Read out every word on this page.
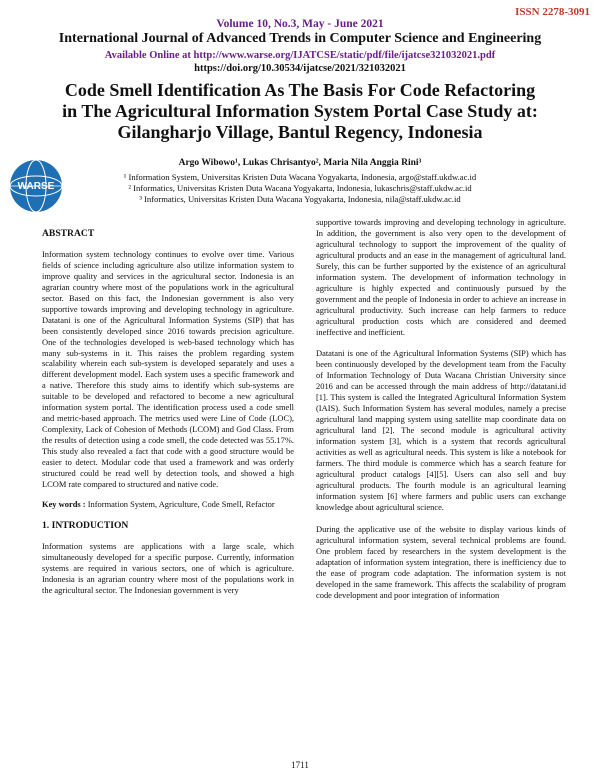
ISSN 2278-3091
Volume 10, No.3, May - June 2021
International Journal of Advanced Trends in Computer Science and Engineering
Available Online at http://www.warse.org/IJATCSE/static/pdf/file/ijatcse321032021.pdf
https://doi.org/10.30534/ijatcse/2021/321032021
Code Smell Identification As The Basis For Code Refactoring
in The Agricultural Information System Portal Case Study at:
Gilangharjo Village, Bantul Regency, Indonesia
WARSE
Argo Wibowo¹, Lukas Chrisantyo², Maria Nila Anggia Rini³
¹ Information System, Universitas Kristen Duta Wacana Yogyakarta, Indonesia, argo@staff.ukdw.ac.id
² Informatics, Universitas Kristen Duta Wacana Yogyakarta, Indonesia, lukaschris@staff.ukdw.ac.id
³ Informatics, Universitas Kristen Duta Wacana Yogyakarta, Indonesia, nila@staff.ukdw.ac.id
ABSTRACT

Information system technology continues to evolve over time. Various fields of science including agriculture also utilize information system to improve quality and services in the agricultural sector. Indonesia is an agrarian country where most of the populations work in the agricultural sector. Based on this fact, the Indonesian government is also very supportive towards improving and developing technology in agriculture. Datatani is one of the Agricultural Information Systems (SIP) that has been consistently developed since 2016 towards precision agriculture. One of the technologies developed is web-based technology which has many sub-systems in it. This raises the problem regarding system scalability wherein each sub-system is developed separately and uses a different development model. Each system uses a specific framework and a native. Therefore this study aims to identify which sub-systems are suitable to be developed and refactored to become a new agricultural information system portal. The identification process used a code smell and metric-based approach. The metrics used were Line of Code (LOC), Complexity, Lack of Cohesion of Methods (LCOM) and God Class. From the results of detection using a code smell, the code detected was 55.17%. This study also revealed a fact that code with a good structure would be easier to detect. Modular code that used a framework and was orderly structured could be read well by detection tools, and showed a high LCOM rate compared to structured and native code.

Key words : Information System, Agriculture, Code Smell, Refactor

1. INTRODUCTION

Information systems are applications with a large scale, which simultaneously developed for a specific purpose. Currently, information systems are required in various sectors, one of which is agriculture. Indonesia is an agrarian country where most of the populations work in the agricultural sector. The Indonesian government is very

supportive towards improving and developing technology in agriculture. In addition, the government is also very open to the development of agricultural technology to support the improvement of the quality of agricultural products and an ease in the management of agricultural land. Surely, this can be further supported by the existence of an agricultural information system. The development of information technology in agriculture is highly expected and continuously pursued by the government and the people of Indonesia in order to achieve an increase in agricultural productivity. Such increase can help farmers to reduce agricultural production costs which are considered and deemed ineffective and inefficient.

Datatani is one of the Agricultural Information Systems (SIP) which has been continuously developed by the development team from the Faculty of Information Technology of Duta Wacana Christian University since 2016 and can be accessed through the main address of http://datatani.id [1]. This system is called the Integrated Agricultural Information System (IAIS). Such Information System has several modules, namely a precise agricultural land mapping system using satellite map coordinate data on agricultural land [2]. The second module is agricultural activity information system [3], which is a system that records agricultural activities as well as agricultural needs. This system is like a notebook for farmers. The third module is commerce which has a search feature for agricultural product catalogs [4][5]. Users can also sell and buy agricultural products. The fourth module is an agricultural learning information system [6] where farmers and public users can exchange knowledge about agricultural science.

During the applicative use of the website to display various kinds of agricultural information system, several technical problems are found. One problem faced by researchers in the system development is the adaptation of information system integration, there is inefficiency due to the ease of program code adaptation. The information system is not developed in the same framework. This affects the scalability of program code development and poor integration of information

1711
